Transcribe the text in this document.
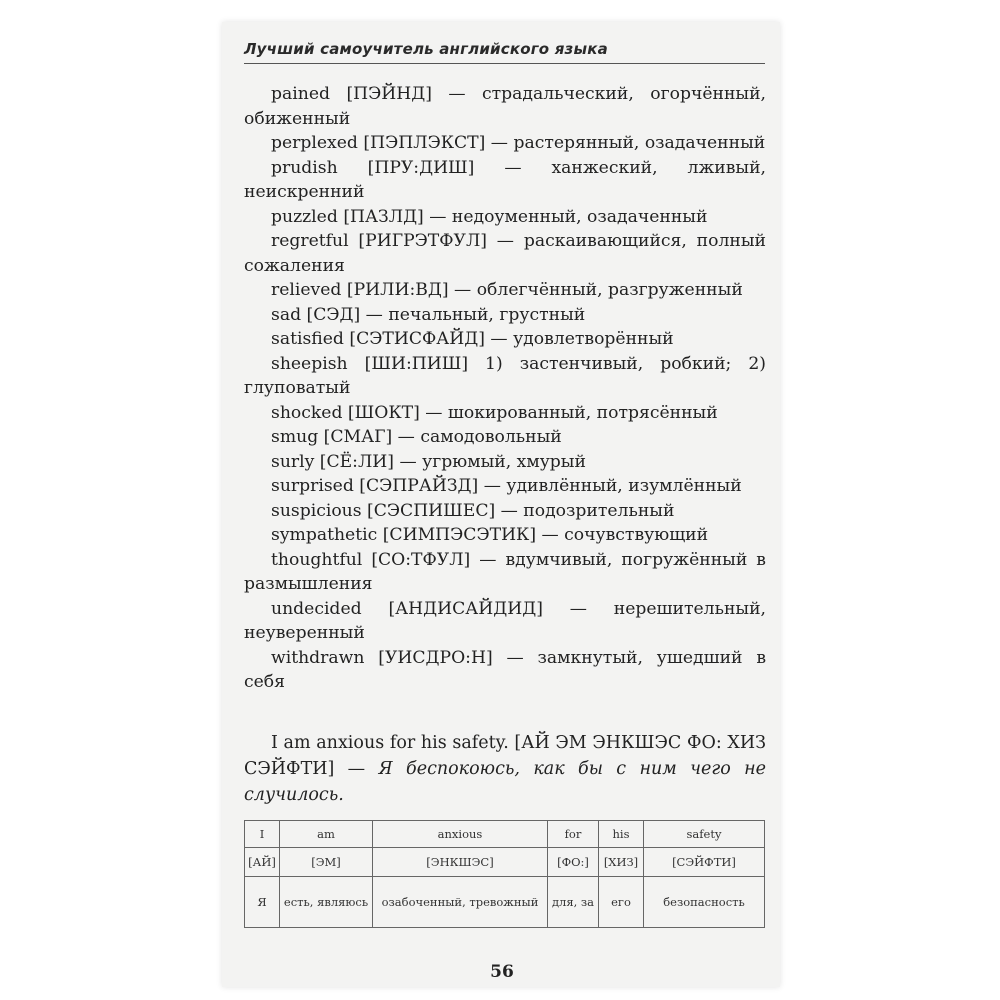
Лучший самоучитель английского языка

pained [ПЭЙНД] — страдальческий, огорчённый, обиженный

perplexed [ПЭПЛЭКСТ] — растерянный, озадаченный

prudish [ПРУ:ДИШ] — ханжеский, лживый, неискренний

puzzled [ПАЗЛД] — недоуменный, озадаченный

regretful [РИГРЭТФУЛ] — раскаивающийся, полный сожаления

relieved [РИЛИ:ВД] — облегчённый, разгруженный

sad [СЭД] — печальный, грустный

satisfied [СЭТИСФАЙД] — удовлетворённый

sheepish [ШИ:ПИШ] 1) застенчивый, робкий; 2) глуповатый

shocked [ШОКТ] — шокированный, потрясённый

smug [СМАГ] — самодовольный

surly [СЁ:ЛИ] — угрюмый, хмурый

surprised [СЭПРАЙЗД] — удивлённый, изумлённый

suspicious [СЭСПИШЕС] — подозрительный

sympathetic [СИМПЭСЭТИК] — сочувствующий

thoughtful [СО:ТФУЛ] — вдумчивый, погружённый в размышления

undecided [АНДИСАЙДИД] — нерешительный, неуверенный

withdrawn [УИСДРО:Н] — замкнутый, ушедший в себя

I am anxious for his safety. [АЙ ЭМ ЭНКШЭС ФО: ХИЗ СЭЙФТИ] — Я беспокоюсь, как бы с ним чего не случилось.
I	am	anxious	for	his	safety
[АЙ]	[ЭМ]	[ЭНКШЭС]	[ФО:]	[ХИЗ]	[СЭЙФТИ]
Я	есть, являюсь	озабоченный, тревожный	для, за	его	безопасность
56
